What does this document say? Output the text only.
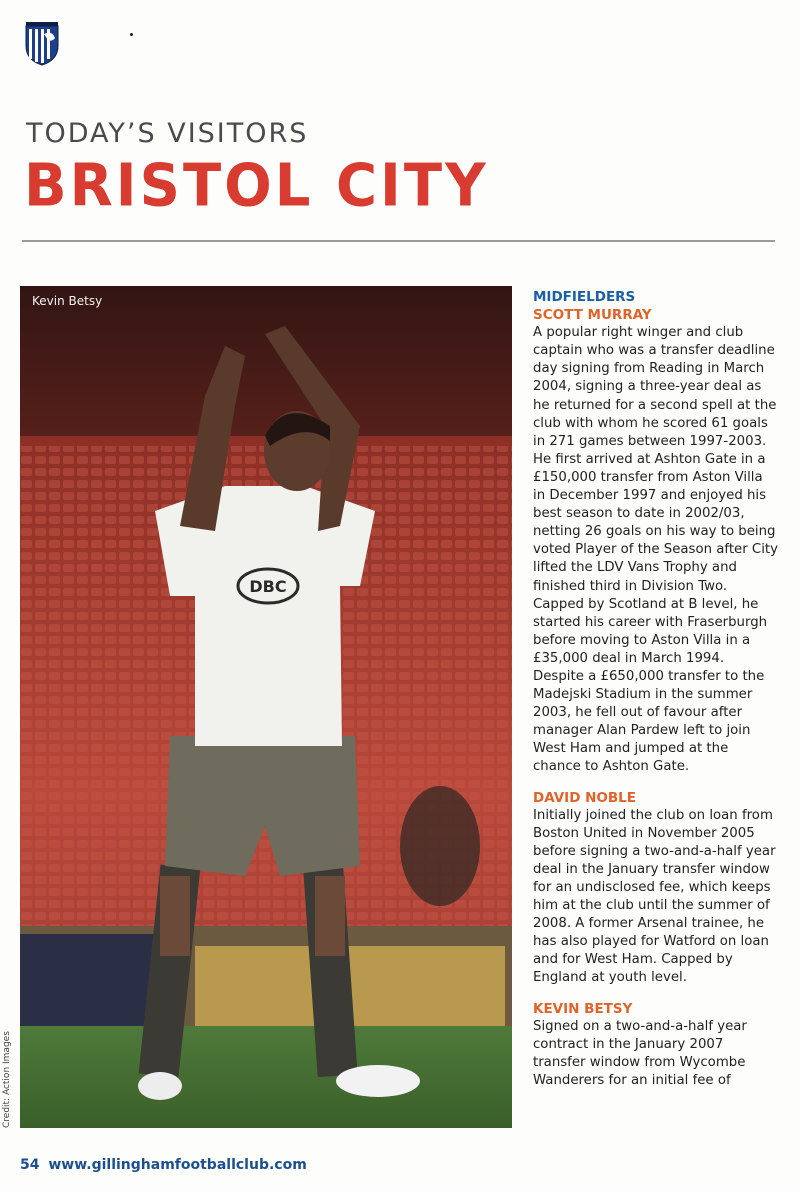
TODAY’S VISITORS
BRISTOL CITY
DBC
Kevin Betsy
Credit: Action Images
MIDFIELDERS
SCOTT MURRAY

A popular right winger and club captain who was a transfer deadline day signing from Reading in March 2004, signing a three-year deal as he returned for a second spell at the club with whom he scored 61 goals in 271 games between 1997-2003. He first arrived at Ashton Gate in a £150,000 transfer from Aston Villa in December 1997 and enjoyed his best season to date in 2002/03, netting 26 goals on his way to being voted Player of the Season after City lifted the LDV Vans Trophy and finished third in Division Two.

Capped by Scotland at B level, he started his career with Fraserburgh before moving to Aston Villa in a £35,000 deal in March 1994. Despite a £650,000 transfer to the Madejski Stadium in the summer 2003, he fell out of favour after manager Alan Pardew left to join West Ham and jumped at the chance to Ashton Gate.

DAVID NOBLE

Initially joined the club on loan from Boston United in November 2005 before signing a two-and-a-half year deal in the January transfer window for an undisclosed fee, which keeps him at the club until the summer of 2008. A former Arsenal trainee, he has also played for Watford on loan and for West Ham. Capped by England at youth level.

KEVIN BETSY

Signed on a two-and-a-half year contract in the January 2007 transfer window from Wycombe Wanderers for an initial fee of

54 www.gillinghamfootballclub.com
